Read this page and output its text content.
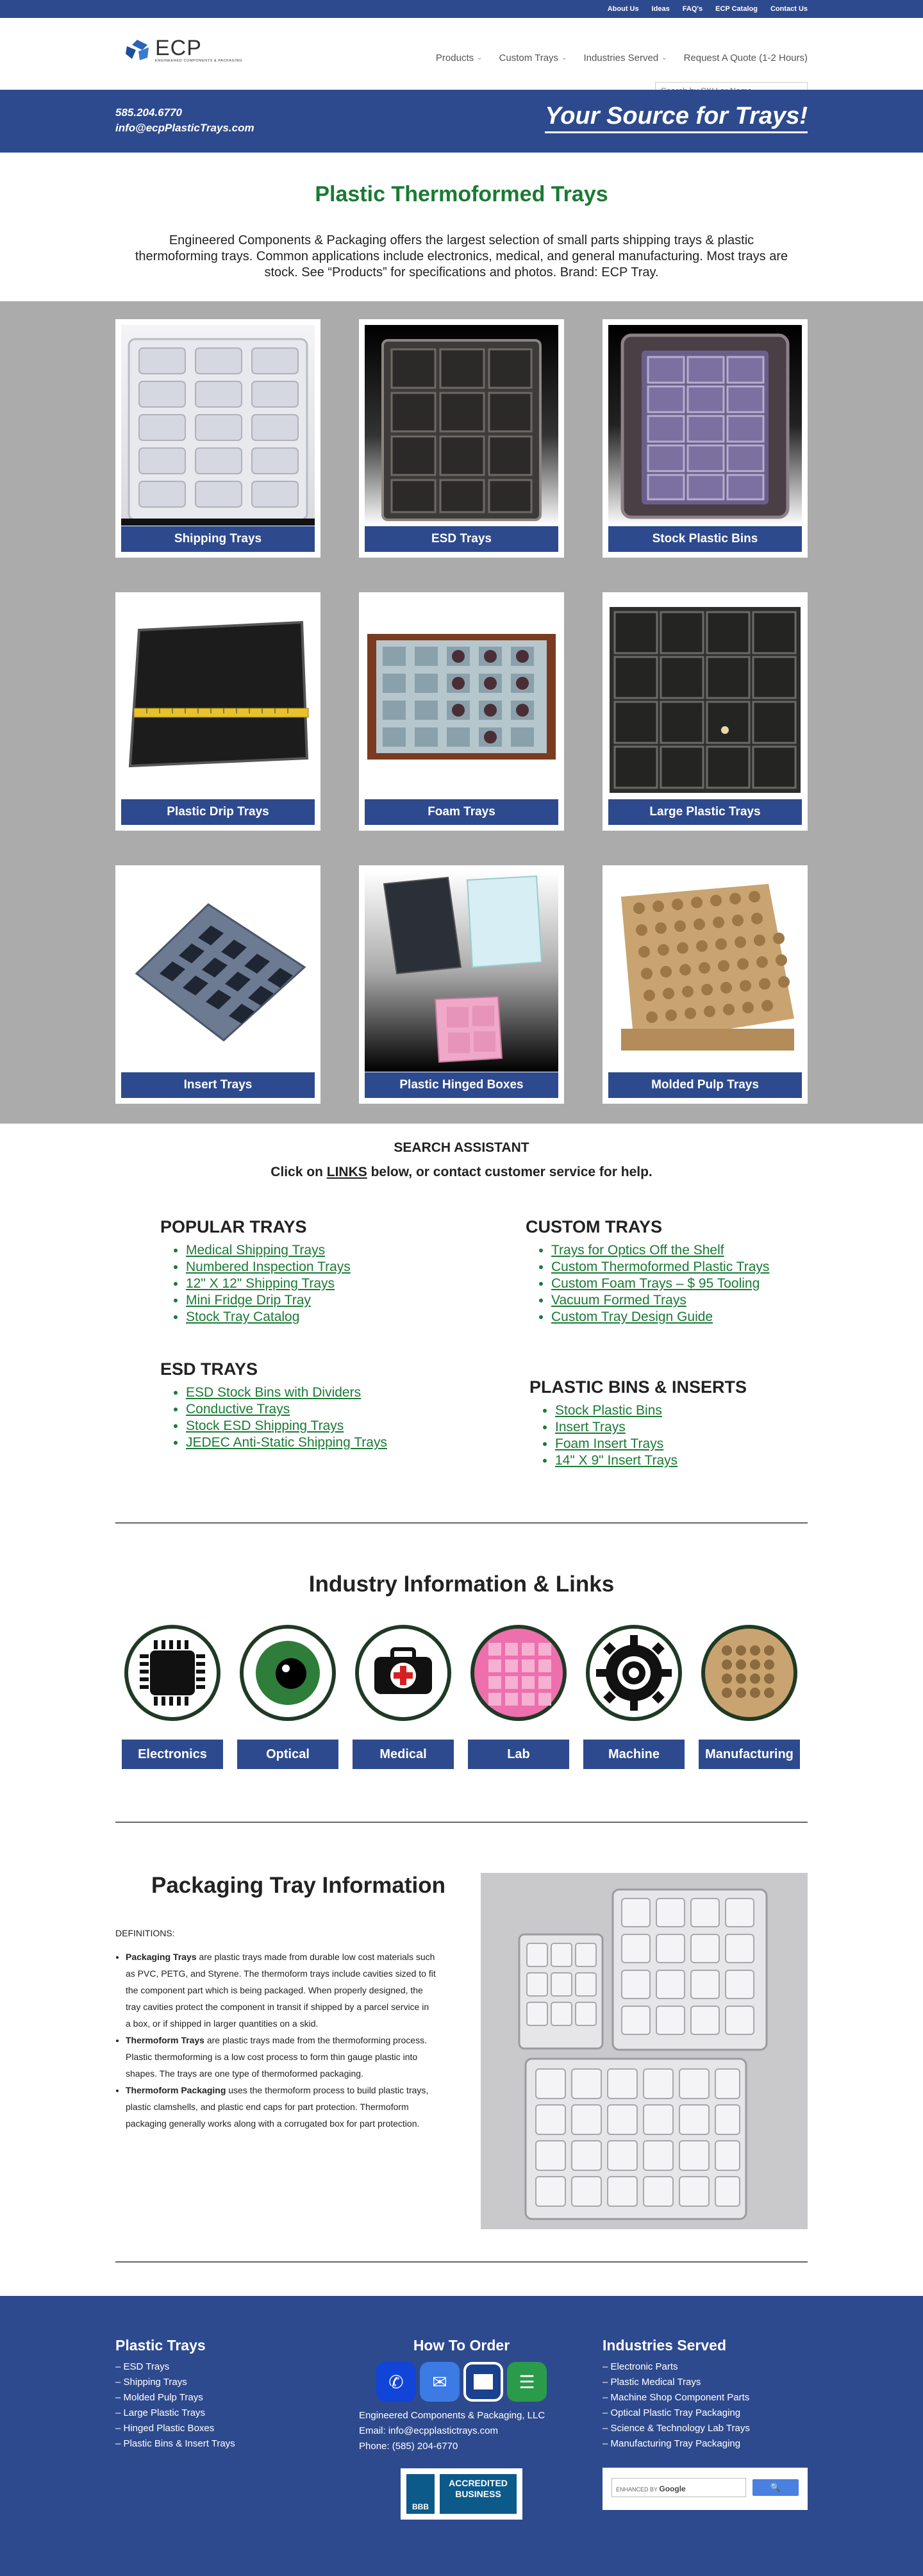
About Us Ideas FAQ's ECP Catalog Contact Us
ECP
ENGINEERED COMPONENTS & PACKAGING	Products ⌄ Custom Trays ⌄ Industries Served ⌄ Request A Quote (1-2 Hours)
Search by SKU or Name
585.204.6770
info@ecpPlasticTrays.com	Your Source for Trays!
Plastic Thermoformed Trays

Engineered Components & Packaging offers the largest selection of small parts shipping trays & plastic thermoforming trays. Common applications include electronics, medical, and general manufacturing. Most trays are stock. See “Products” for specifications and photos. Brand: ECP Tray.

Shipping Trays	ESD Trays	Stock Plastic Bins
Plastic Drip Trays	Foam Trays	Large Plastic Trays
Insert Trays	Plastic Hinged Boxes	Molded Pulp Trays
SEARCH ASSISTANT

Click on LINKS below, or contact customer service for help.

POPULAR TRAYS
• Medical Shipping Trays
• Numbered Inspection Trays
• 12" X 12" Shipping Trays
• Mini Fridge Drip Tray
• Stock Tray Catalog
CUSTOM TRAYS
• Trays for Optics Off the Shelf
• Custom Thermoformed Plastic Trays
• Custom Foam Trays – $ 95 Tooling
• Vacuum Formed Trays
• Custom Tray Design Guide
ESD TRAYS
• ESD Stock Bins with Dividers
• Conductive Trays
• Stock ESD Shipping Trays
• JEDEC Anti-Static Shipping Trays
PLASTIC BINS & INSERTS
• Stock Plastic Bins
• Insert Trays
• Foam Insert Trays
• 14" X 9" Insert Trays
Industry Information & Links
Electronics	Optical	Medical	Lab	Machine	Manufacturing
Packaging Tray Information
DEFINITIONS:
• Packaging Trays are plastic trays made from durable low cost materials such as PVC, PETG, and Styrene. The thermoform trays include cavities sized to fit the component part which is being packaged. When properly designed, the tray cavities protect the component in transit if shipped by a parcel service in a box, or if shipped in larger quantities on a skid.
• Thermoform Trays are plastic trays made from the thermoforming process. Plastic thermoforming is a low cost process to form thin gauge plastic into shapes. The trays are one type of thermoformed packaging.
• Thermoform Packaging uses the thermoform process to build plastic trays, plastic clamshells, and plastic end caps for part protection. Thermoform packaging generally works along with a corrugated box for part protection.
Plastic Trays
– ESD Trays
– Shipping Trays
– Molded Pulp Trays
– Large Plastic Trays
– Hinged Plastic Boxes
– Plastic Bins & Insert Trays
How To Order
✆	✉	☰
Engineered Components & Packaging, LLC
Email: info@ecpplastictrays.com
Phone: (585) 204-6770
BBB
ACCREDITED BUSINESS
Industries Served
– Electronic Parts
– Plastic Medical Trays
– Machine Shop Component Parts
– Optical Plastic Tray Packaging
– Science & Technology Lab Trays
– Manufacturing Tray Packaging
ENHANCED BY Google	🔍
